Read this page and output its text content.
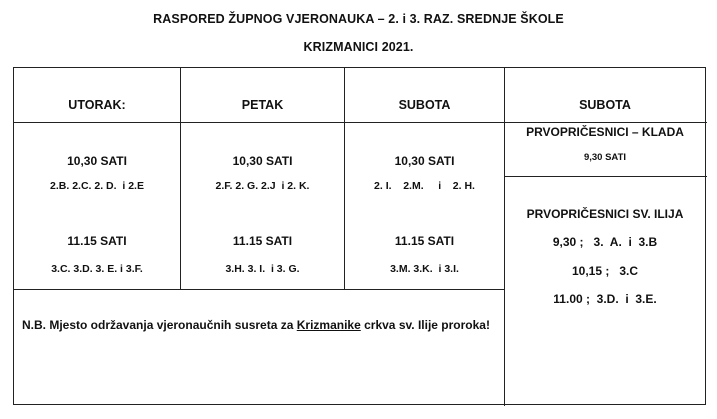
RASPORED ŽUPNOG VJERONAUKA – 2. i 3. RAZ. SREDNJE ŠKOLE
KRIZMANICI 2021.
UTORAK:
10,30 SATI
2.B. 2.C. 2. D.  i 2.E
11.15 SATI
3.C. 3.D. 3. E. i 3.F.
PETAK
10,30 SATI
2.F. 2. G. 2.J  i 2. K.
11.15 SATI
3.H. 3. I.  i 3. G.
SUBOTA
10,30 SATI
2. I.    2.M.     i    2. H.
11.15 SATI
3.M. 3.K.  i 3.I.
SUBOTA
PRVOPRIČESNICI – KLADA
9,30 SATI
PRVOPRIČESNICI SV. ILIJA
9,30 ;   3.  A.  i  3.B
10,15 ;   3.C
11.00 ;  3.D.  i  3.E.
N.B. Mjesto održavanja vjeronaučnih susreta za Krizmanike crkva sv. Ilije proroka!
